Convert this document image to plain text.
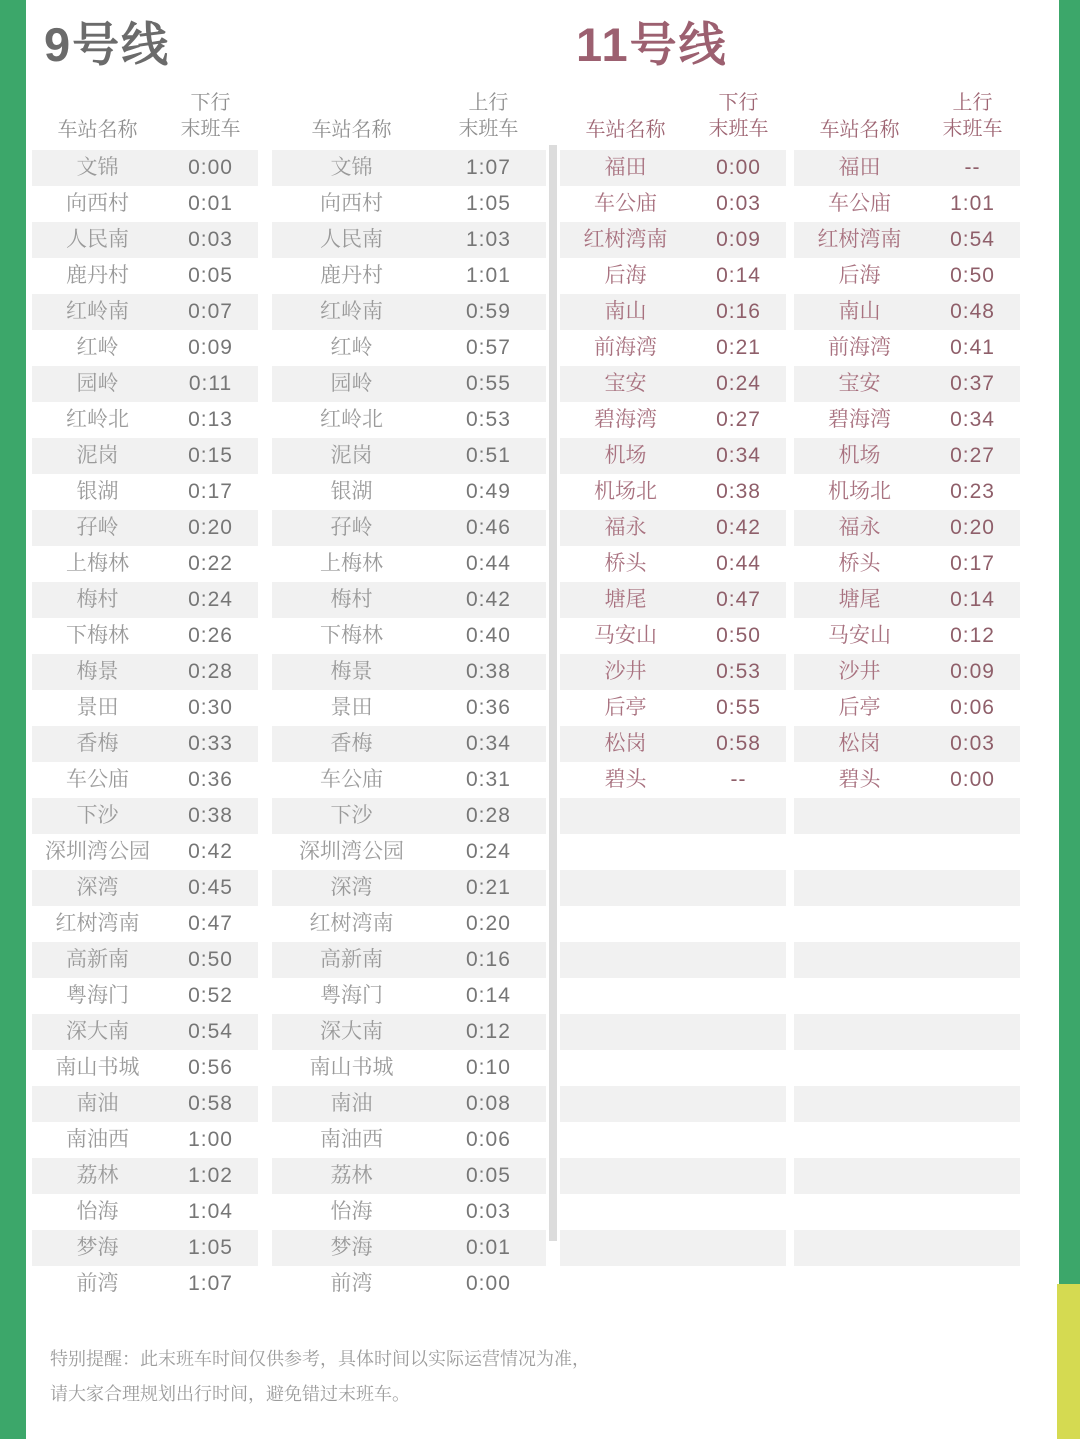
9号线	11号线
车站名称
下行
末班车
文锦	0:00
向西村	0:01
人民南	0:03
鹿丹村	0:05
红岭南	0:07
红岭	0:09
园岭	0:11
红岭北	0:13
泥岗	0:15
银湖	0:17
孖岭	0:20
上梅林	0:22
梅村	0:24
下梅林	0:26
梅景	0:28
景田	0:30
香梅	0:33
车公庙	0:36
下沙	0:38
深圳湾公园	0:42
深湾	0:45
红树湾南	0:47
高新南	0:50
粤海门	0:52
深大南	0:54
南山书城	0:56
南油	0:58
南油西	1:00
荔林	1:02
怡海	1:04
梦海	1:05
前湾	1:07
车站名称
上行
末班车
文锦	1:07
向西村	1:05
人民南	1:03
鹿丹村	1:01
红岭南	0:59
红岭	0:57
园岭	0:55
红岭北	0:53
泥岗	0:51
银湖	0:49
孖岭	0:46
上梅林	0:44
梅村	0:42
下梅林	0:40
梅景	0:38
景田	0:36
香梅	0:34
车公庙	0:31
下沙	0:28
深圳湾公园	0:24
深湾	0:21
红树湾南	0:20
高新南	0:16
粤海门	0:14
深大南	0:12
南山书城	0:10
南油	0:08
南油西	0:06
荔林	0:05
怡海	0:03
梦海	0:01
前湾	0:00
车站名称
下行
末班车
福田	0:00
车公庙	0:03
红树湾南	0:09
后海	0:14
南山	0:16
前海湾	0:21
宝安	0:24
碧海湾	0:27
机场	0:34
机场北	0:38
福永	0:42
桥头	0:44
塘尾	0:47
马安山	0:50
沙井	0:53
后亭	0:55
松岗	0:58
碧头	--
车站名称
上行
末班车
福田	--
车公庙	1:01
红树湾南	0:54
后海	0:50
南山	0:48
前海湾	0:41
宝安	0:37
碧海湾	0:34
机场	0:27
机场北	0:23
福永	0:20
桥头	0:17
塘尾	0:14
马安山	0:12
沙井	0:09
后亭	0:06
松岗	0:03
碧头	0:00
特别提醒：此末班车时间仅供参考，具体时间以实际运营情况为准，
请大家合理规划出行时间，避免错过末班车。
